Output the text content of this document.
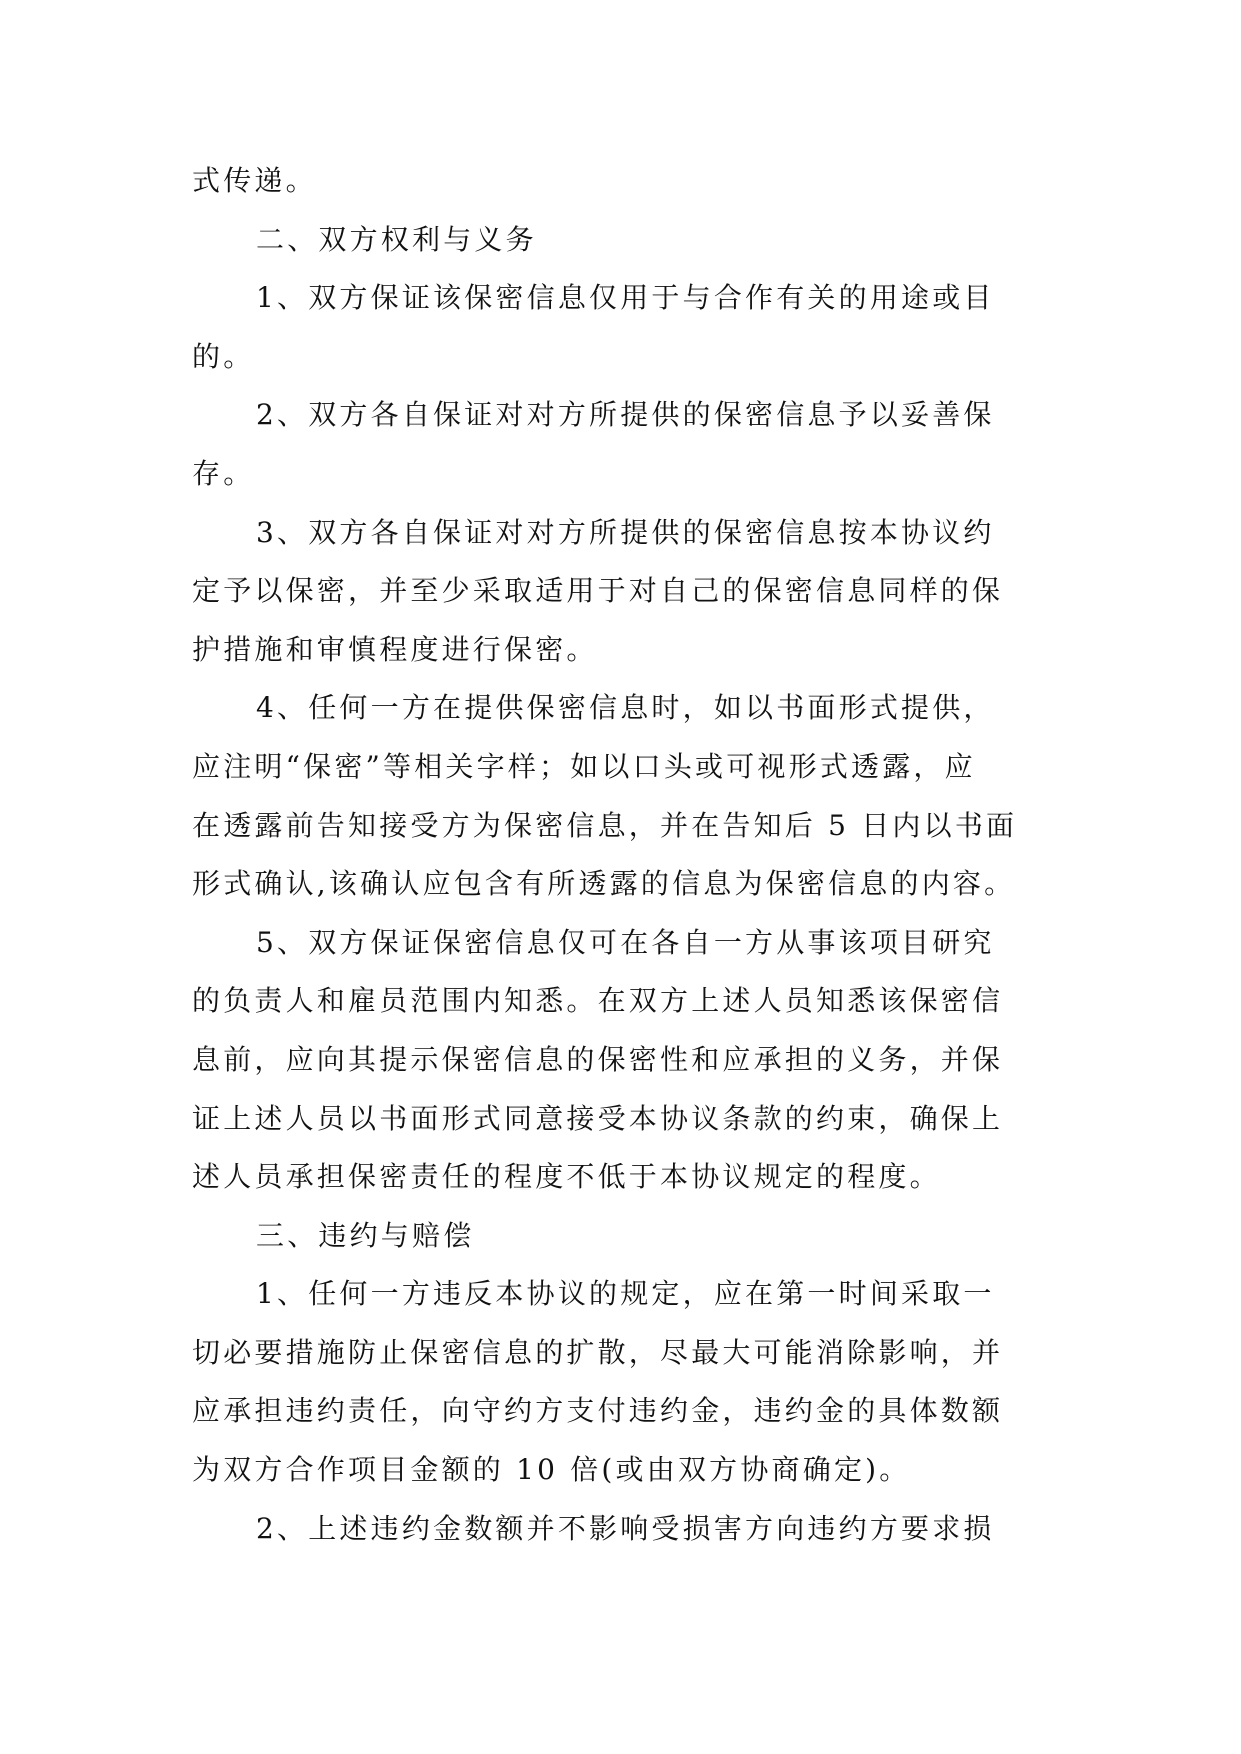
式传递。
二、双方权利与义务
1、双方保证该保密信息仅用于与合作有关的用途或目
的。
2、双方各自保证对对方所提供的保密信息予以妥善保
存。
3、双方各自保证对对方所提供的保密信息按本协议约
定予以保密，并至少采取适用于对自己的保密信息同样的保
护措施和审慎程度进行保密。
4、任何一方在提供保密信息时，如以书面形式提供，
应注明“保密”等相关字样；如以口头或可视形式透露，应
在透露前告知接受方为保密信息，并在告知后 5 日内以书面
形式确认,该确认应包含有所透露的信息为保密信息的内容。
5、双方保证保密信息仅可在各自一方从事该项目研究
的负责人和雇员范围内知悉。在双方上述人员知悉该保密信
息前，应向其提示保密信息的保密性和应承担的义务，并保
证上述人员以书面形式同意接受本协议条款的约束，确保上
述人员承担保密责任的程度不低于本协议规定的程度。
三、违约与赔偿
1、任何一方违反本协议的规定，应在第一时间采取一
切必要措施防止保密信息的扩散，尽最大可能消除影响，并
应承担违约责任，向守约方支付违约金，违约金的具体数额
为双方合作项目金额的 10 倍(或由双方协商确定)。
2、上述违约金数额并不影响受损害方向违约方要求损
